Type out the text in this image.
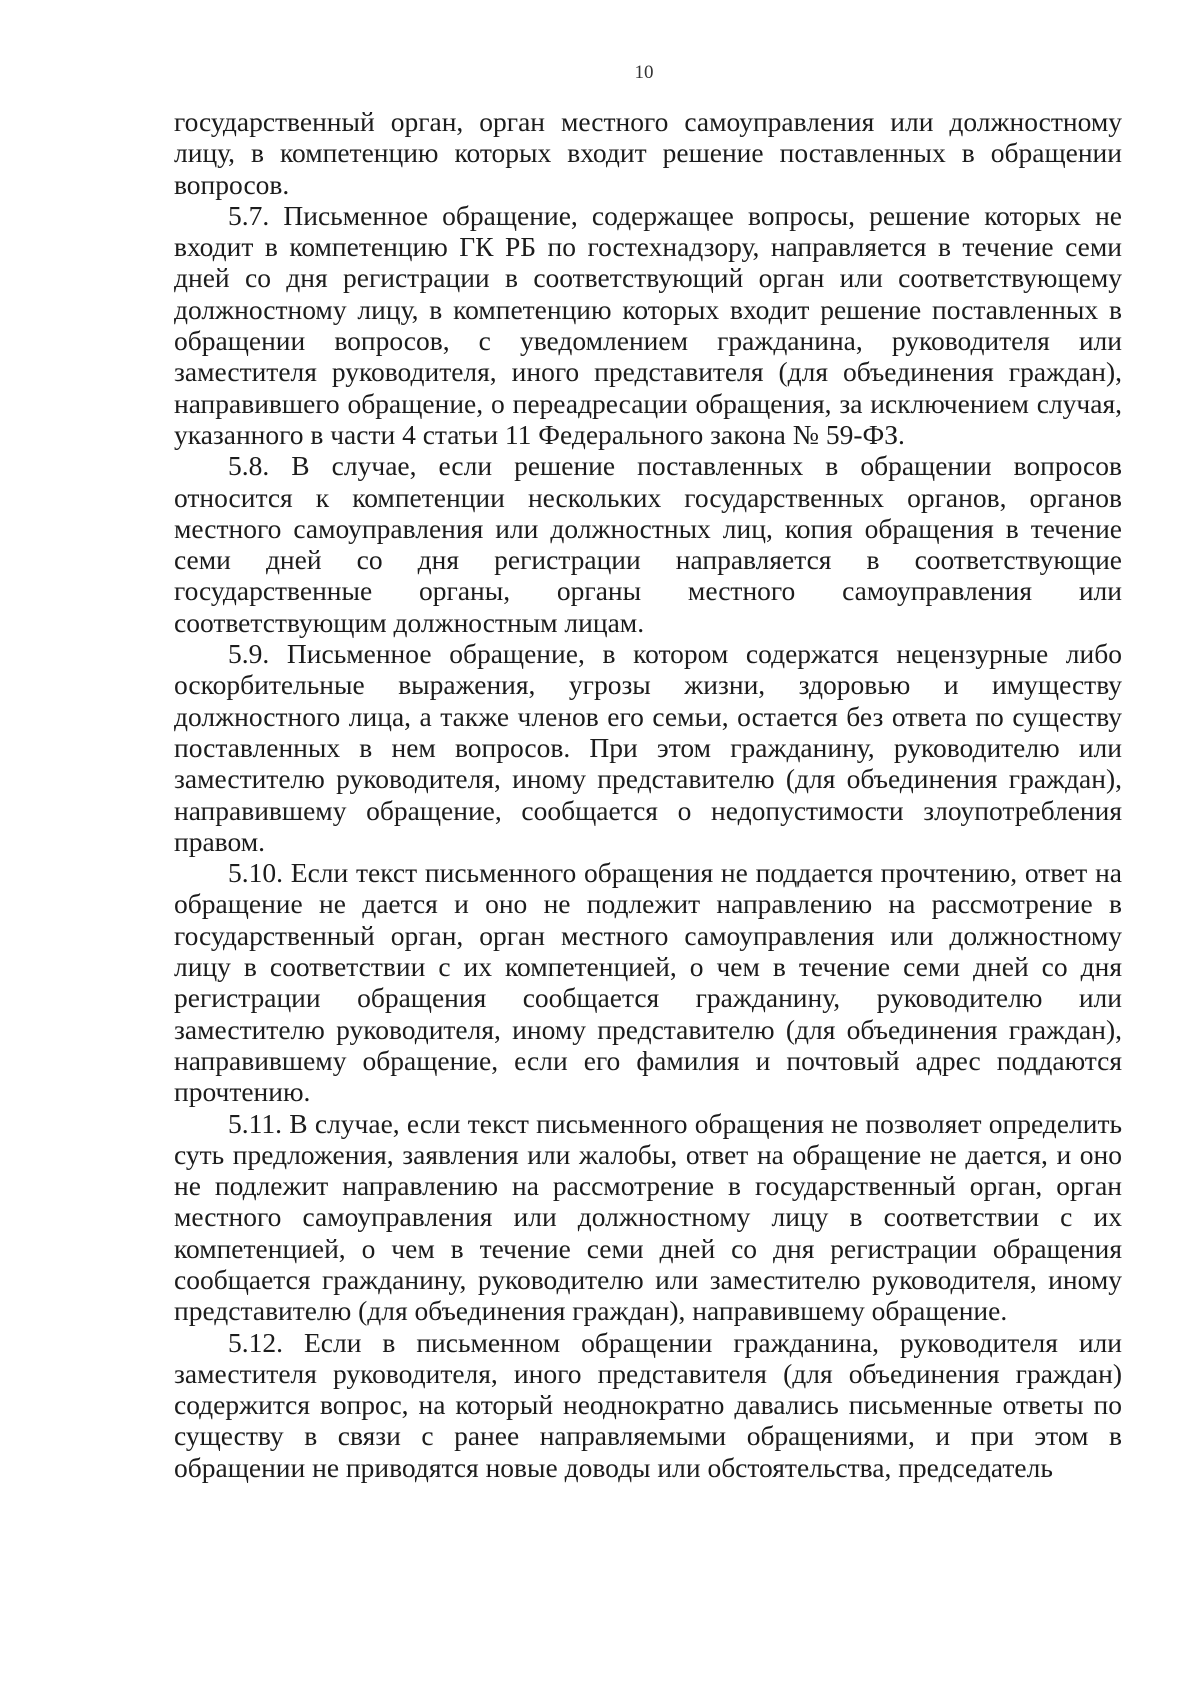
10

государственный орган, орган местного самоуправления или должностному лицу, в компетенцию которых входит решение поставленных в обращении вопросов.

5.7. Письменное обращение, содержащее вопросы, решение которых не входит в компетенцию ГК РБ по гостехнадзору, направляется в течение семи дней со дня регистрации в соответствующий орган или соответствующему должностному лицу, в компетенцию которых входит решение поставленных в обращении вопросов, с уведомлением гражданина, руководителя или заместителя руководителя, иного представителя (для объединения граждан), направившего обращение, о переадресации обращения, за исключением случая, указанного в части 4 статьи 11 Федерального закона № 59-ФЗ.

5.8. В случае, если решение поставленных в обращении вопросов относится к компетенции нескольких государственных органов, органов местного самоуправления или должностных лиц, копия обращения в течение семи дней со дня регистрации направляется в соответствующие государственные органы, органы местного самоуправления или соответствующим должностным лицам.

5.9. Письменное обращение, в котором содержатся нецензурные либо оскорбительные выражения, угрозы жизни, здоровью и имуществу должностного лица, а также членов его семьи, остается без ответа по существу поставленных в нем вопросов. При этом гражданину, руководителю или заместителю руководителя, иному представителю (для объединения граждан), направившему обращение, сообщается о недопустимости злоупотребления правом.

5.10. Если текст письменного обращения не поддается прочтению, ответ на обращение не дается и оно не подлежит направлению на рассмотрение в государственный орган, орган местного самоуправления или должностному лицу в соответствии с их компетенцией, о чем в течение семи дней со дня регистрации обращения сообщается гражданину, руководителю или заместителю руководителя, иному представителю (для объединения граждан), направившему обращение, если его фамилия и почтовый адрес поддаются прочтению.

5.11. В случае, если текст письменного обращения не позволяет определить суть предложения, заявления или жалобы, ответ на обращение не дается, и оно не подлежит направлению на рассмотрение в государственный орган, орган местного самоуправления или должностному лицу в соответствии с их компетенцией, о чем в течение семи дней со дня регистрации обращения сообщается гражданину, руководителю или заместителю руководителя, иному представителю (для объединения граждан), направившему обращение.

5.12. Если в письменном обращении гражданина, руководителя или заместителя руководителя, иного представителя (для объединения граждан) содержится вопрос, на который неоднократно давались письменные ответы по существу в связи с ранее направляемыми обращениями, и при этом в обращении не приводятся новые доводы или обстоятельства, председатель
